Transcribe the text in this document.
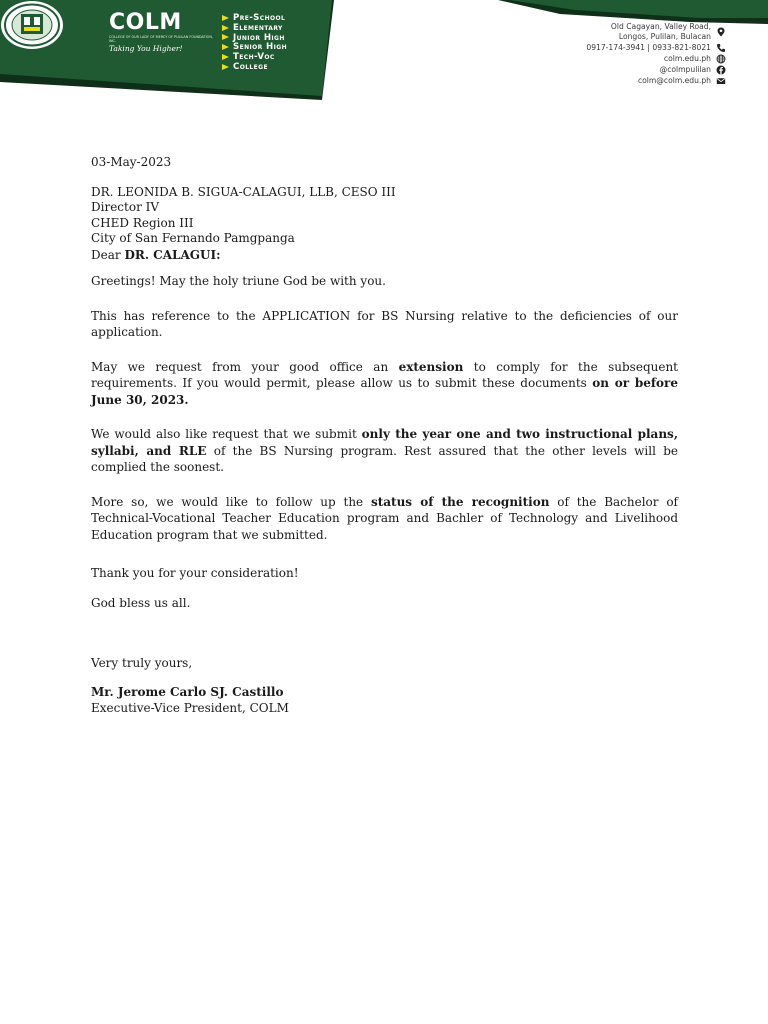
COLM
COLLEGE OF OUR LADY OF MERCY OF PULILAN FOUNDATION, INC.
Taking You Higher!
Pre-School
Elementary
Junior High
Senior High
Tech-Voc
College
Old Cagayan, Valley Road,
Longos, Pulilan, Bulacan
0917-174-3941 | 0933-821-8021
colm.edu.ph
@colmpulilan
colm@colm.edu.ph

03-May-2023

DR. LEONIDA B. SIGUA-CALAGUI, LLB, CESO III
Director IV
CHED Region III
City of San Fernando Pamgpanga

Dear DR. CALAGUI:

Greetings! May the holy triune God be with you.

This has reference to the APPLICATION for BS Nursing relative to the deficiencies of our application.

May we request from your good office an extension to comply for the subsequent requirements. If you would permit, please allow us to submit these documents on or before June 30, 2023.

We would also like request that we submit only the year one and two instructional plans, syllabi, and RLE of the BS Nursing program. Rest assured that the other levels will be complied the soonest.

More so, we would like to follow up the status of the recognition of the Bachelor of Technical-Vocational Teacher Education program and Bachler of Technology and Livelihood Education program that we submitted.

Thank you for your consideration!

God bless us all.

Very truly yours,

Mr. Jerome Carlo SJ. Castillo

Executive-Vice President, COLM
